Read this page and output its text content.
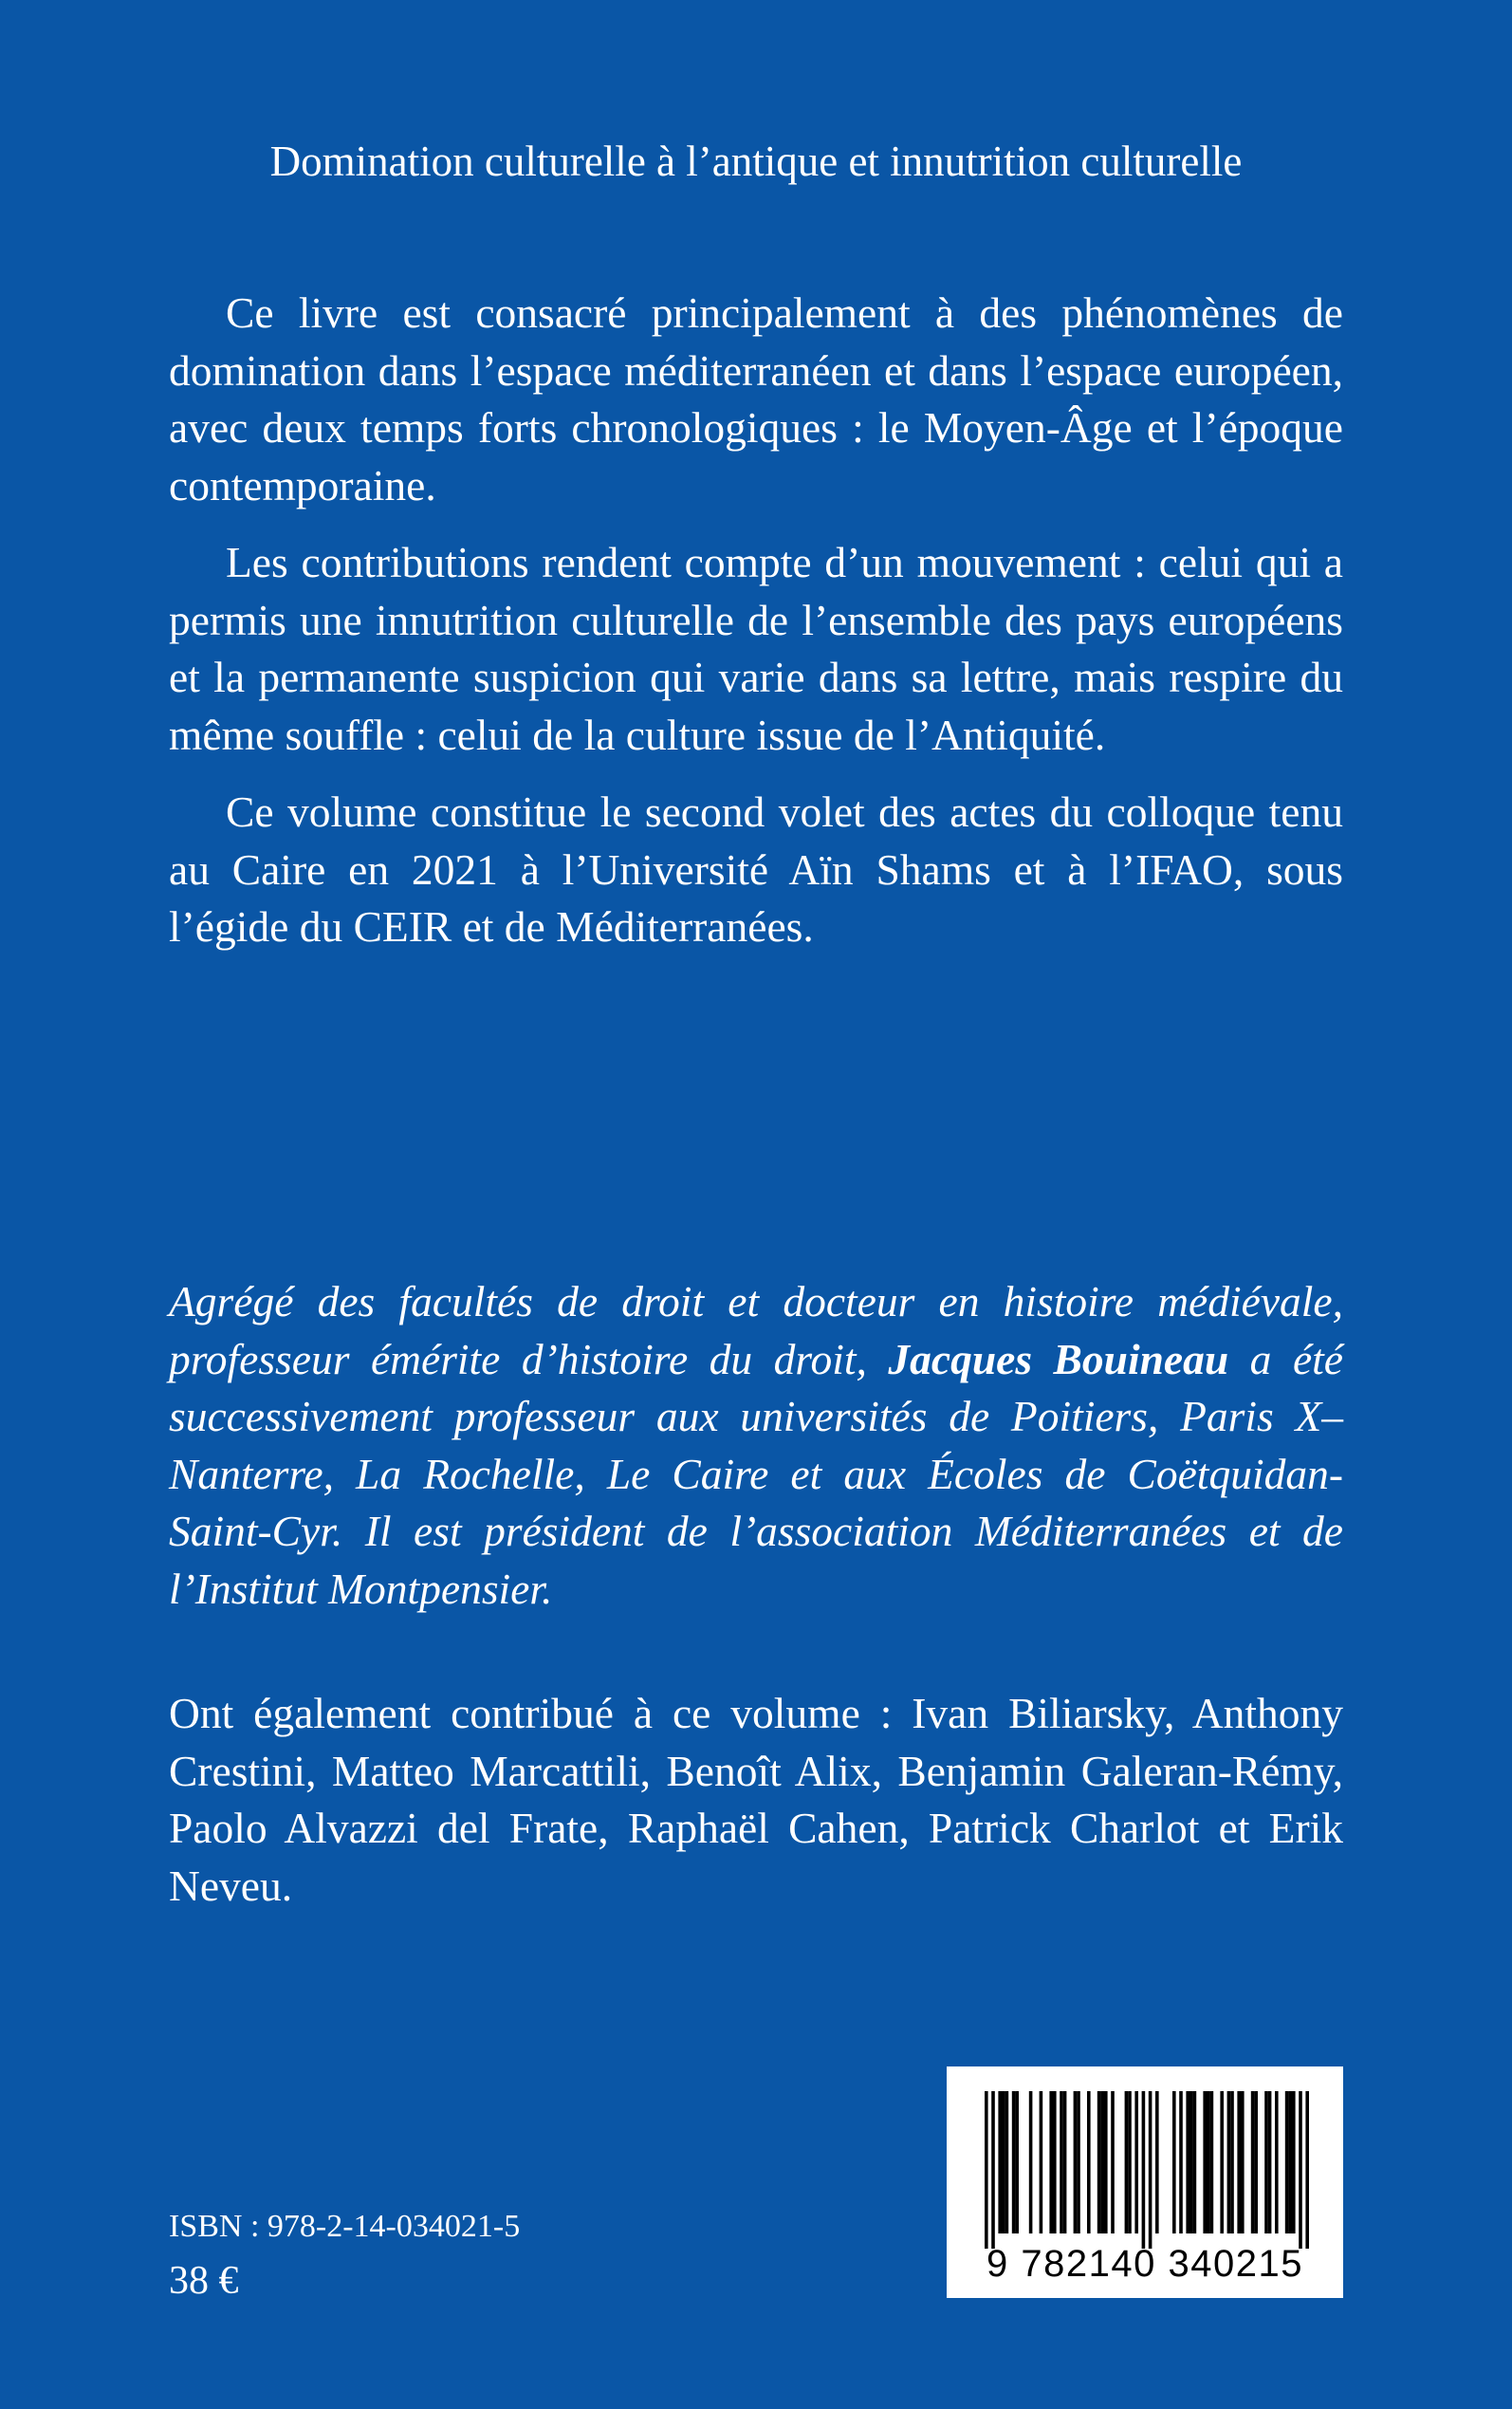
Domination culturelle à l’antique et innutrition culturelle

Ce livre est consacré principalement à des phénomènes de domination dans l’espace méditerranéen et dans l’espace européen, avec deux temps forts chronologiques : le Moyen-Âge et l’époque contemporaine.

Les contributions rendent compte d’un mouvement : celui qui a permis une innutrition culturelle de l’ensemble des pays européens et la permanente suspicion qui varie dans sa lettre, mais respire du même souffle : celui de la culture issue de l’Antiquité.

Ce volume constitue le second volet des actes du colloque tenu au Caire en 2021 à l’Université Aïn Shams et à l’IFAO, sous l’égide du CEIR et de Méditerranées.

Agrégé des facultés de droit et docteur en histoire médiévale, professeur émérite d’histoire du droit, Jacques Bouineau a été successivement professeur aux universités de Poitiers, Paris X–Nanterre, La Rochelle, Le Caire et aux Écoles de Coëtquidan-Saint-Cyr. Il est président de l’association Méditerranées et de l’Institut Montpensier.

Ont également contribué à ce volume : Ivan Biliarsky, Anthony Crestini, Matteo Marcattili, Benoît Alix, Benjamin Galeran-Rémy, Paolo Alvazzi del Frate, Raphaël Cahen, Patrick Charlot et Erik Neveu.

ISBN : 978-2-14-034021-5

38 €	9 782140 340215
